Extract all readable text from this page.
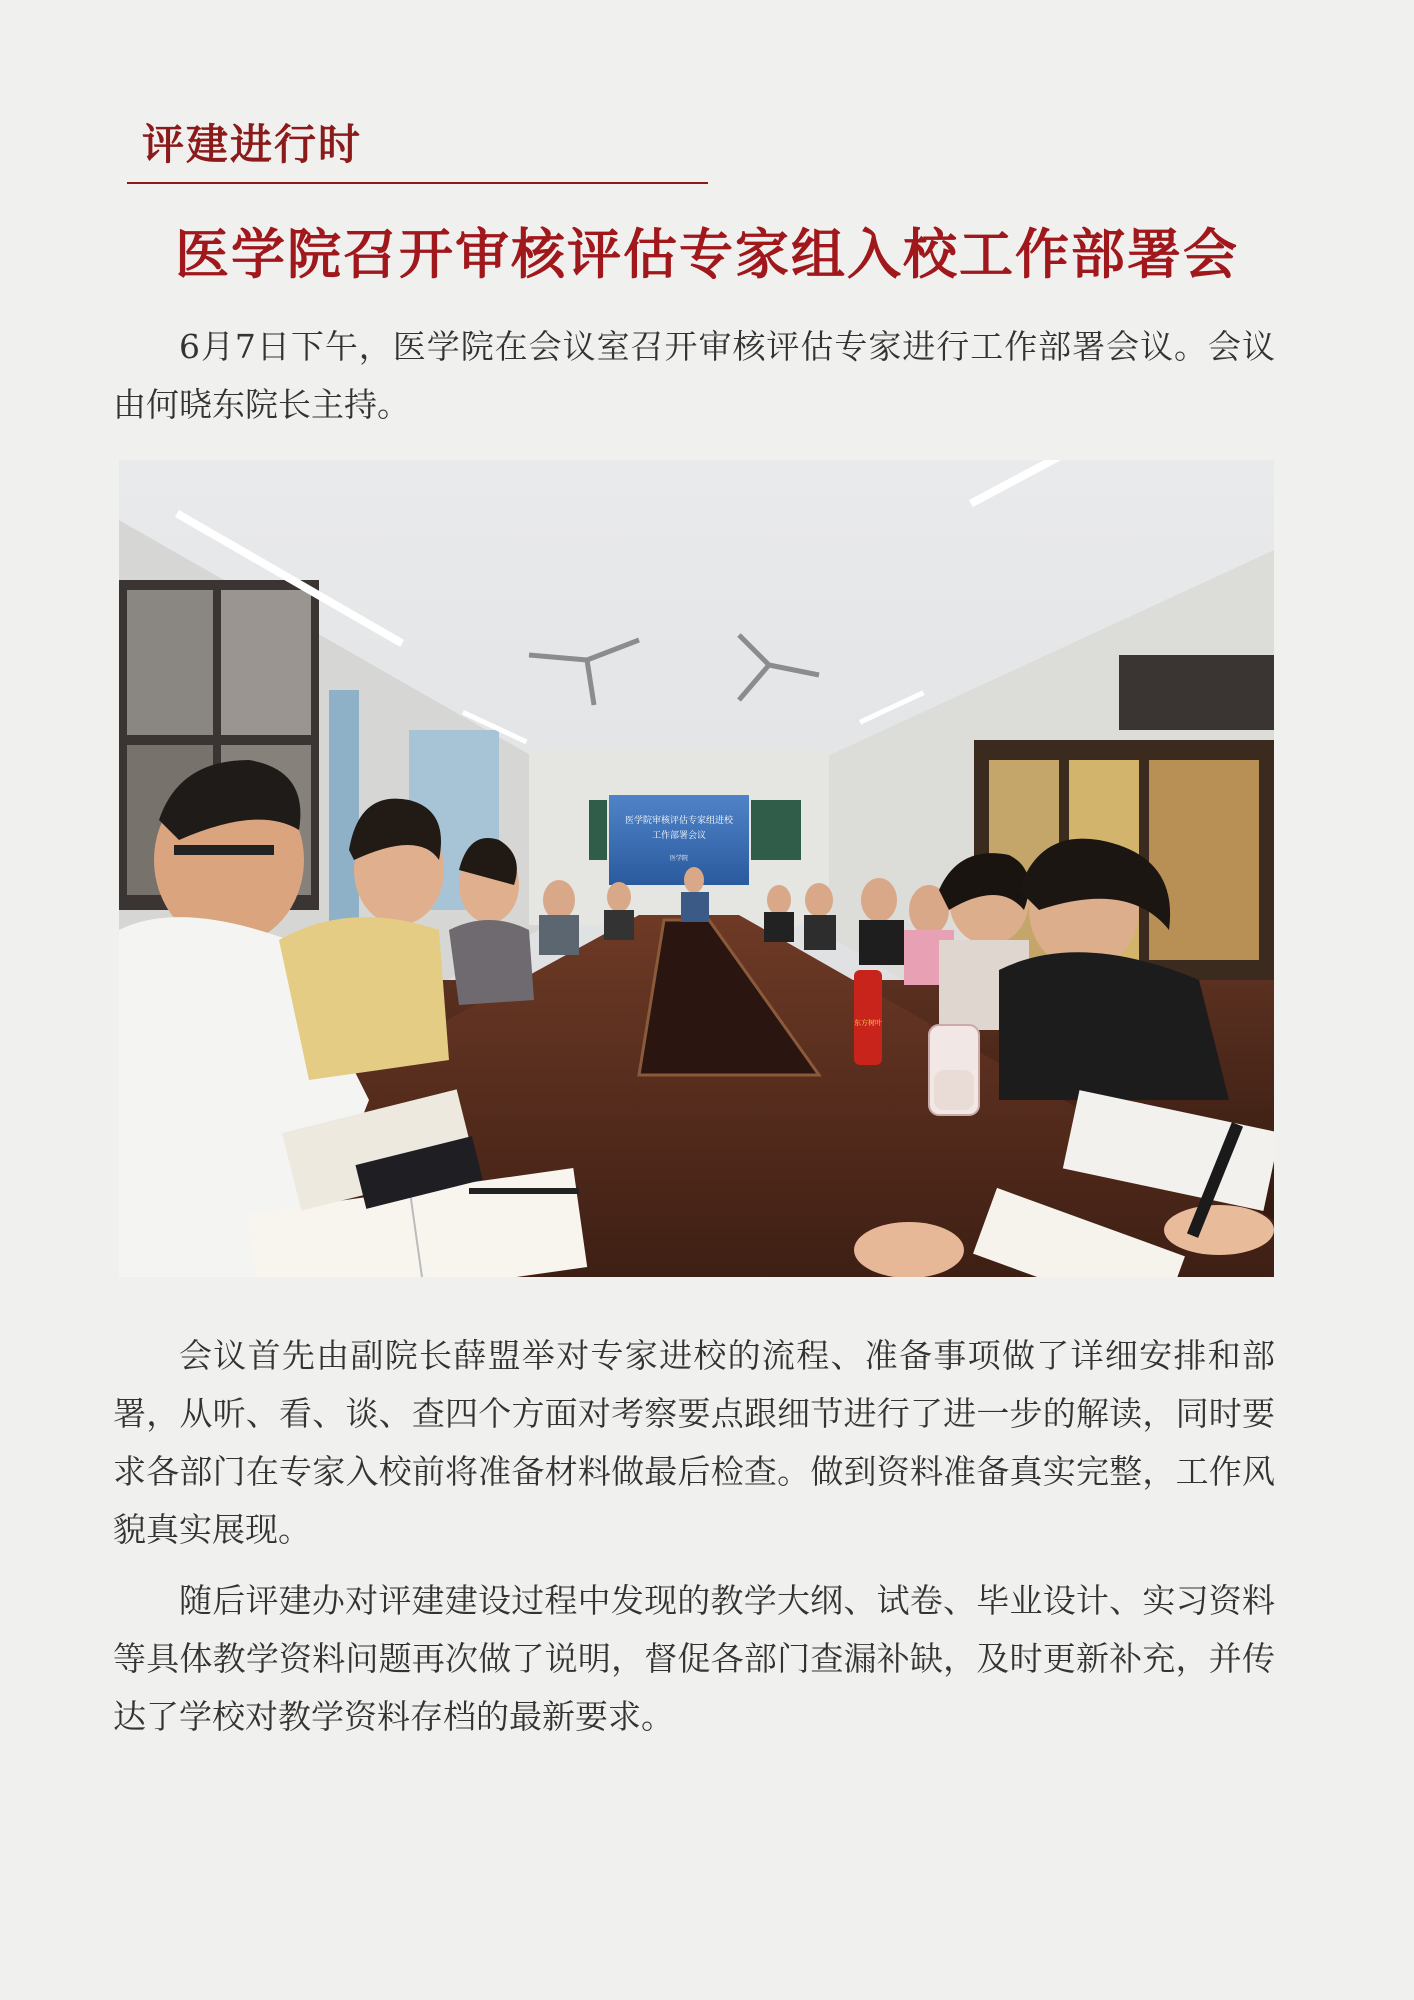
评建进行时
医学院召开审核评估专家组入校工作部署会

6月7日下午，医学院在会议室召开审核评估专家进行工作部署会议。会议由何晓东院长主持。

医学院审核评估专家组进校
工作部署会议
医学院
东方树叶

会议首先由副院长薛盟举对专家进校的流程、准备事项做了详细安排和部署，从听、看、谈、查四个方面对考察要点跟细节进行了进一步的解读，同时要求各部门在专家入校前将准备材料做最后检查。做到资料准备真实完整，工作风貌真实展现。

随后评建办对评建建设过程中发现的教学大纲、试卷、毕业设计、实习资料等具体教学资料问题再次做了说明，督促各部门查漏补缺，及时更新补充，并传达了学校对教学资料存档的最新要求。
